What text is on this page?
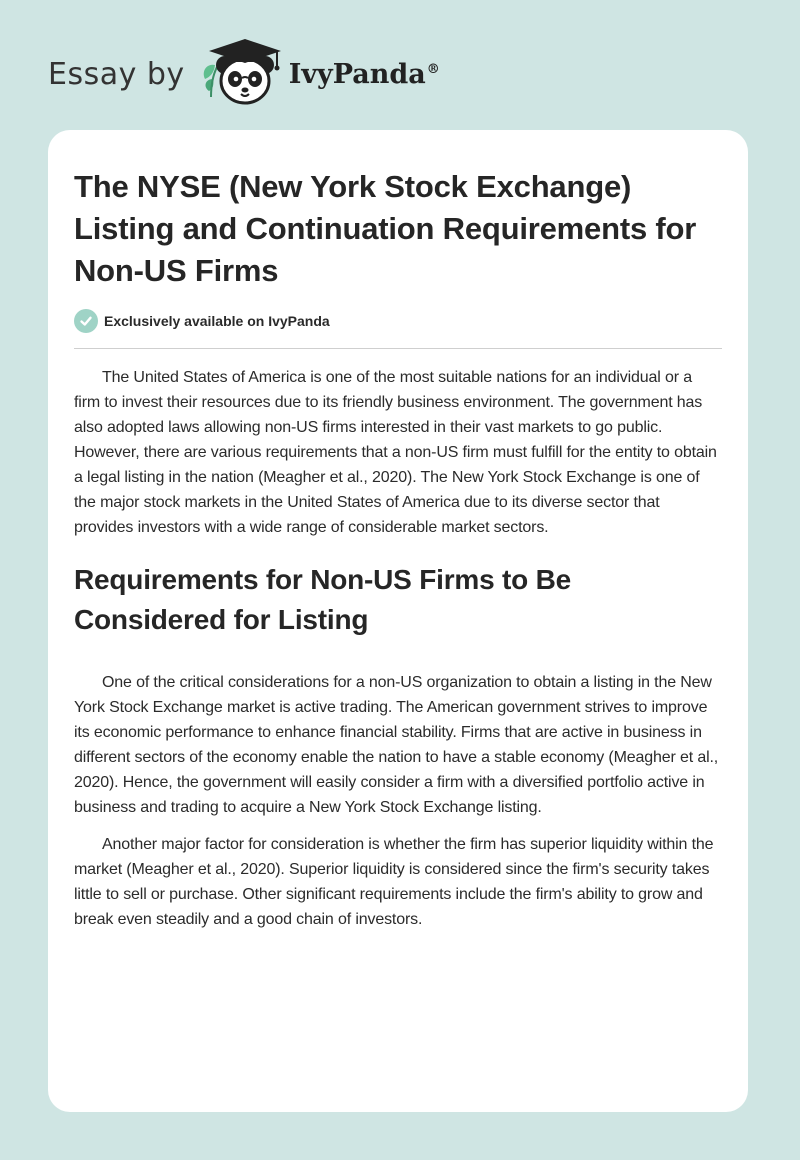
Essay by	IvyPanda®
The NYSE (New York Stock Exchange) Listing and Continuation Requirements for Non-US Firms
Exclusively available on IvyPanda

The United States of America is one of the most suitable nations for an individual or a firm to invest their resources due to its friendly business environment. The government has also adopted laws allowing non-US firms interested in their vast markets to go public. However, there are various requirements that a non-US firm must fulfill for the entity to obtain a legal listing in the nation (Meagher et al., 2020). The New York Stock Exchange is one of the major stock markets in the United States of America due to its diverse sector that provides investors with a wide range of considerable market sectors.

Requirements for Non-US Firms to Be Considered for Listing

One of the critical considerations for a non-US organization to obtain a listing in the New York Stock Exchange market is active trading. The American government strives to improve its economic performance to enhance financial stability. Firms that are active in business in different sectors of the economy enable the nation to have a stable economy (Meagher et al., 2020). Hence, the government will easily consider a firm with a diversified portfolio active in business and trading to acquire a New York Stock Exchange listing.

Another major factor for consideration is whether the firm has superior liquidity within the market (Meagher et al., 2020). Superior liquidity is considered since the firm's security takes little to sell or purchase. Other significant requirements include the firm's ability to grow and break even steadily and a good chain of investors.
